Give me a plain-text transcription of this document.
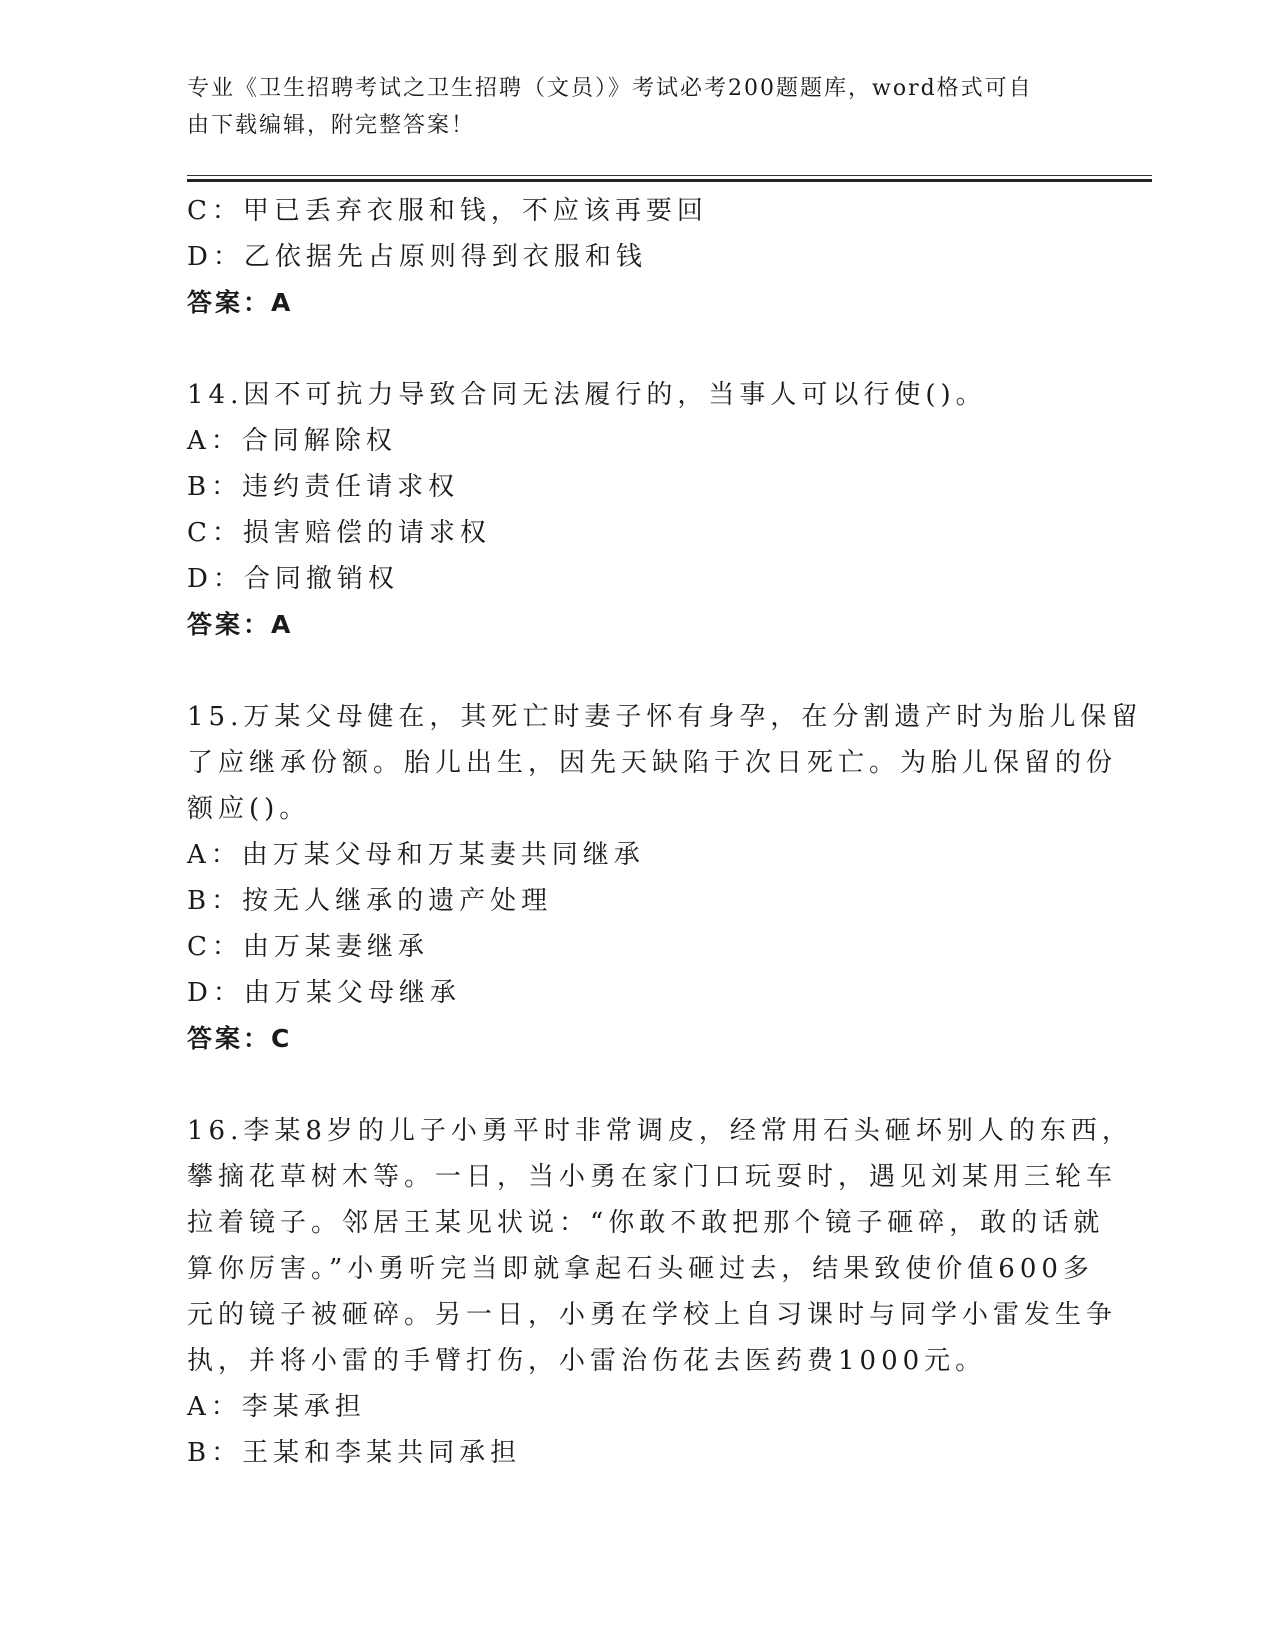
专业《卫生招聘考试之卫生招聘（文员）》考试必考200题题库，word格式可自
由下载编辑，附完整答案！
C：甲已丢弃衣服和钱，不应该再要回
D：乙依据先占原则得到衣服和钱
答案：A
14.因不可抗力导致合同无法履行的，当事人可以行使()。
A：合同解除权
B：违约责任请求权
C：损害赔偿的请求权
D：合同撤销权
答案：A
15.万某父母健在，其死亡时妻子怀有身孕，在分割遗产时为胎儿保留
了应继承份额。胎儿出生，因先天缺陷于次日死亡。为胎儿保留的份
额应()。
A：由万某父母和万某妻共同继承
B：按无人继承的遗产处理
C：由万某妻继承
D：由万某父母继承
答案：C
16.李某8岁的儿子小勇平时非常调皮，经常用石头砸坏别人的东西，
攀摘花草树木等。一日，当小勇在家门口玩耍时，遇见刘某用三轮车
拉着镜子。邻居王某见状说：“你敢不敢把那个镜子砸碎，敢的话就
算你厉害。”小勇听完当即就拿起石头砸过去，结果致使价值600多
元的镜子被砸碎。另一日，小勇在学校上自习课时与同学小雷发生争
执，并将小雷的手臂打伤，小雷治伤花去医药费1000元。
A：李某承担
B：王某和李某共同承担
